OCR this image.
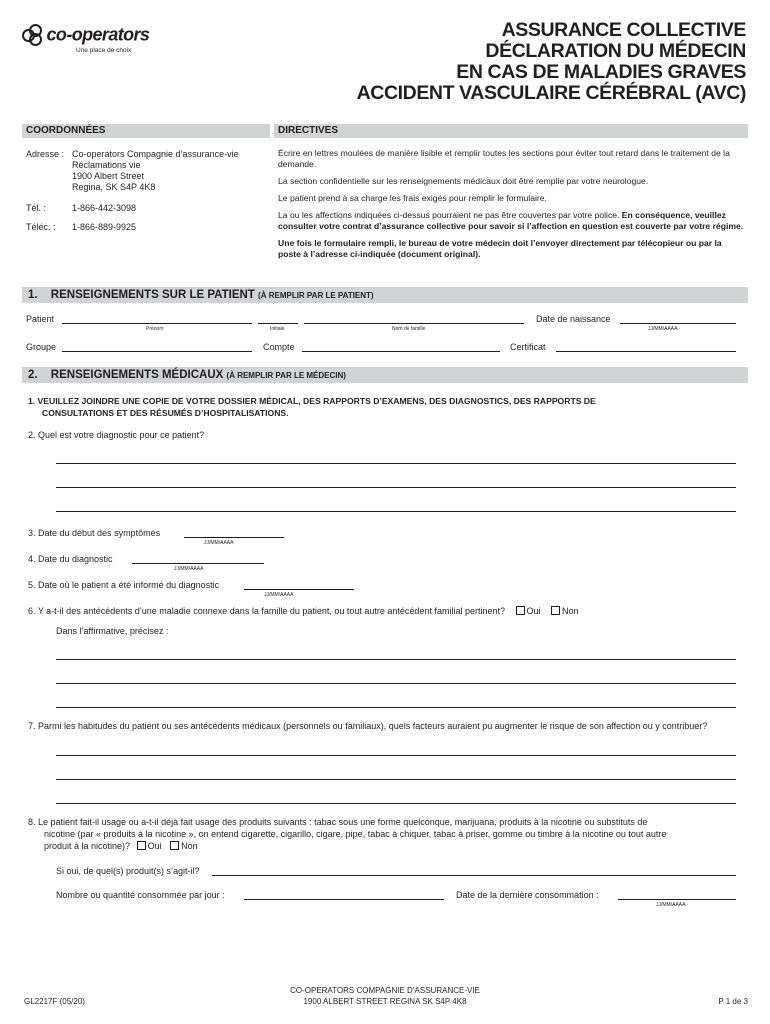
co-operators
Une place de choix
ASSURANCE COLLECTIVE
DÉCLARATION DU MÉDECIN
EN CAS DE MALADIES GRAVES
ACCIDENT VASCULAIRE CÉRÉBRAL (AVC)
COORDONNÉES	DIRECTIVES
Adresse : Co-operators Compagnie d’assurance-vie
Réclamations vie
1900 Albert Street
Regina, SK S4P 4K8
Tél. :	1-866-442-3098
Téléc. : 1-866-889-9925

Écrire en lettres moulées de manière lisible et remplir toutes les sections pour éviter tout retard dans le traitement de la demande.

La section confidentielle sur les renseignements médicaux doit être remplie par votre neurologue.

Le patient prend à sa charge les frais exigés pour remplir le formulaire.

La ou les affections indiquées ci-dessus pourraient ne pas être couvertes par votre police. En conséquence, veuillez consulter votre contrat d’assurance collective pour savoir si l’affection en question est couverte par votre régime.

Une fois le formulaire rempli, le bureau de votre médecin doit l’envoyer directement par télécopieur ou par la poste à l’adresse ci-indiquée (document original).

1. RENSEIGNEMENTS SUR LE PATIENT (À REMPLIR PAR LE PATIENT)
Patient
Prénom	Initiale	Nom de famille
Date de naissance
JJ/MM/AAAA
Groupe	Compte	Certificat
2. RENSEIGNEMENTS MÉDICAUX (À REMPLIR PAR LE MÉDECIN)
1. VEUILLEZ JOINDRE UNE COPIE DE VOTRE DOSSIER MÉDICAL, DES RAPPORTS D’EXAMENS, DES DIAGNOSTICS, DES RAPPORTS DE
CONSULTATIONS ET DES RÉSUMÉS D’HOSPITALISATIONS.
2. Quel est votre diagnostic pour ce patient?
3. Date du début des symptômes
JJ/MM/AAAA
4. Date du diagnostic
JJ/MM/AAAA
5. Date où le patient a été informé du diagnostic
JJ/MM/AAAA
6. Y a-t-il des antécédents d’une maladie connexe dans la famille du patient, ou tout autre antécédent familial pertinent? Oui Non
Dans l’affirmative, précisez :
7. Parmi les habitudes du patient ou ses antécédents médicaux (personnels ou familiaux), quels facteurs auraient pu augmenter le risque de son affection ou y contribuer?
8. Le patient fait-il usage ou a-t-il déjà fait usage des produits suivants : tabac sous une forme quelconque, marijuana, produits à la nicotine ou substituts de
nicotine (par « produits à la nicotine », on entend cigarette, cigarillo, cigare, pipe, tabac à chiquer, tabac à priser, gomme ou timbre à la nicotine ou tout autre
produit à la nicotine)? Oui Non
Si oui, de quel(s) produit(s) s’agit-il?
Nombre ou quantité consommée par jour :	Date de la dernière consommation :
JJ/MM/AAAA
GL2217F (05/20)
CO-OPERATORS COMPAGNIE D’ASSURANCE-VIE
1900 ALBERT STREET REGINA SK S4P 4K8	P 1 de 3
